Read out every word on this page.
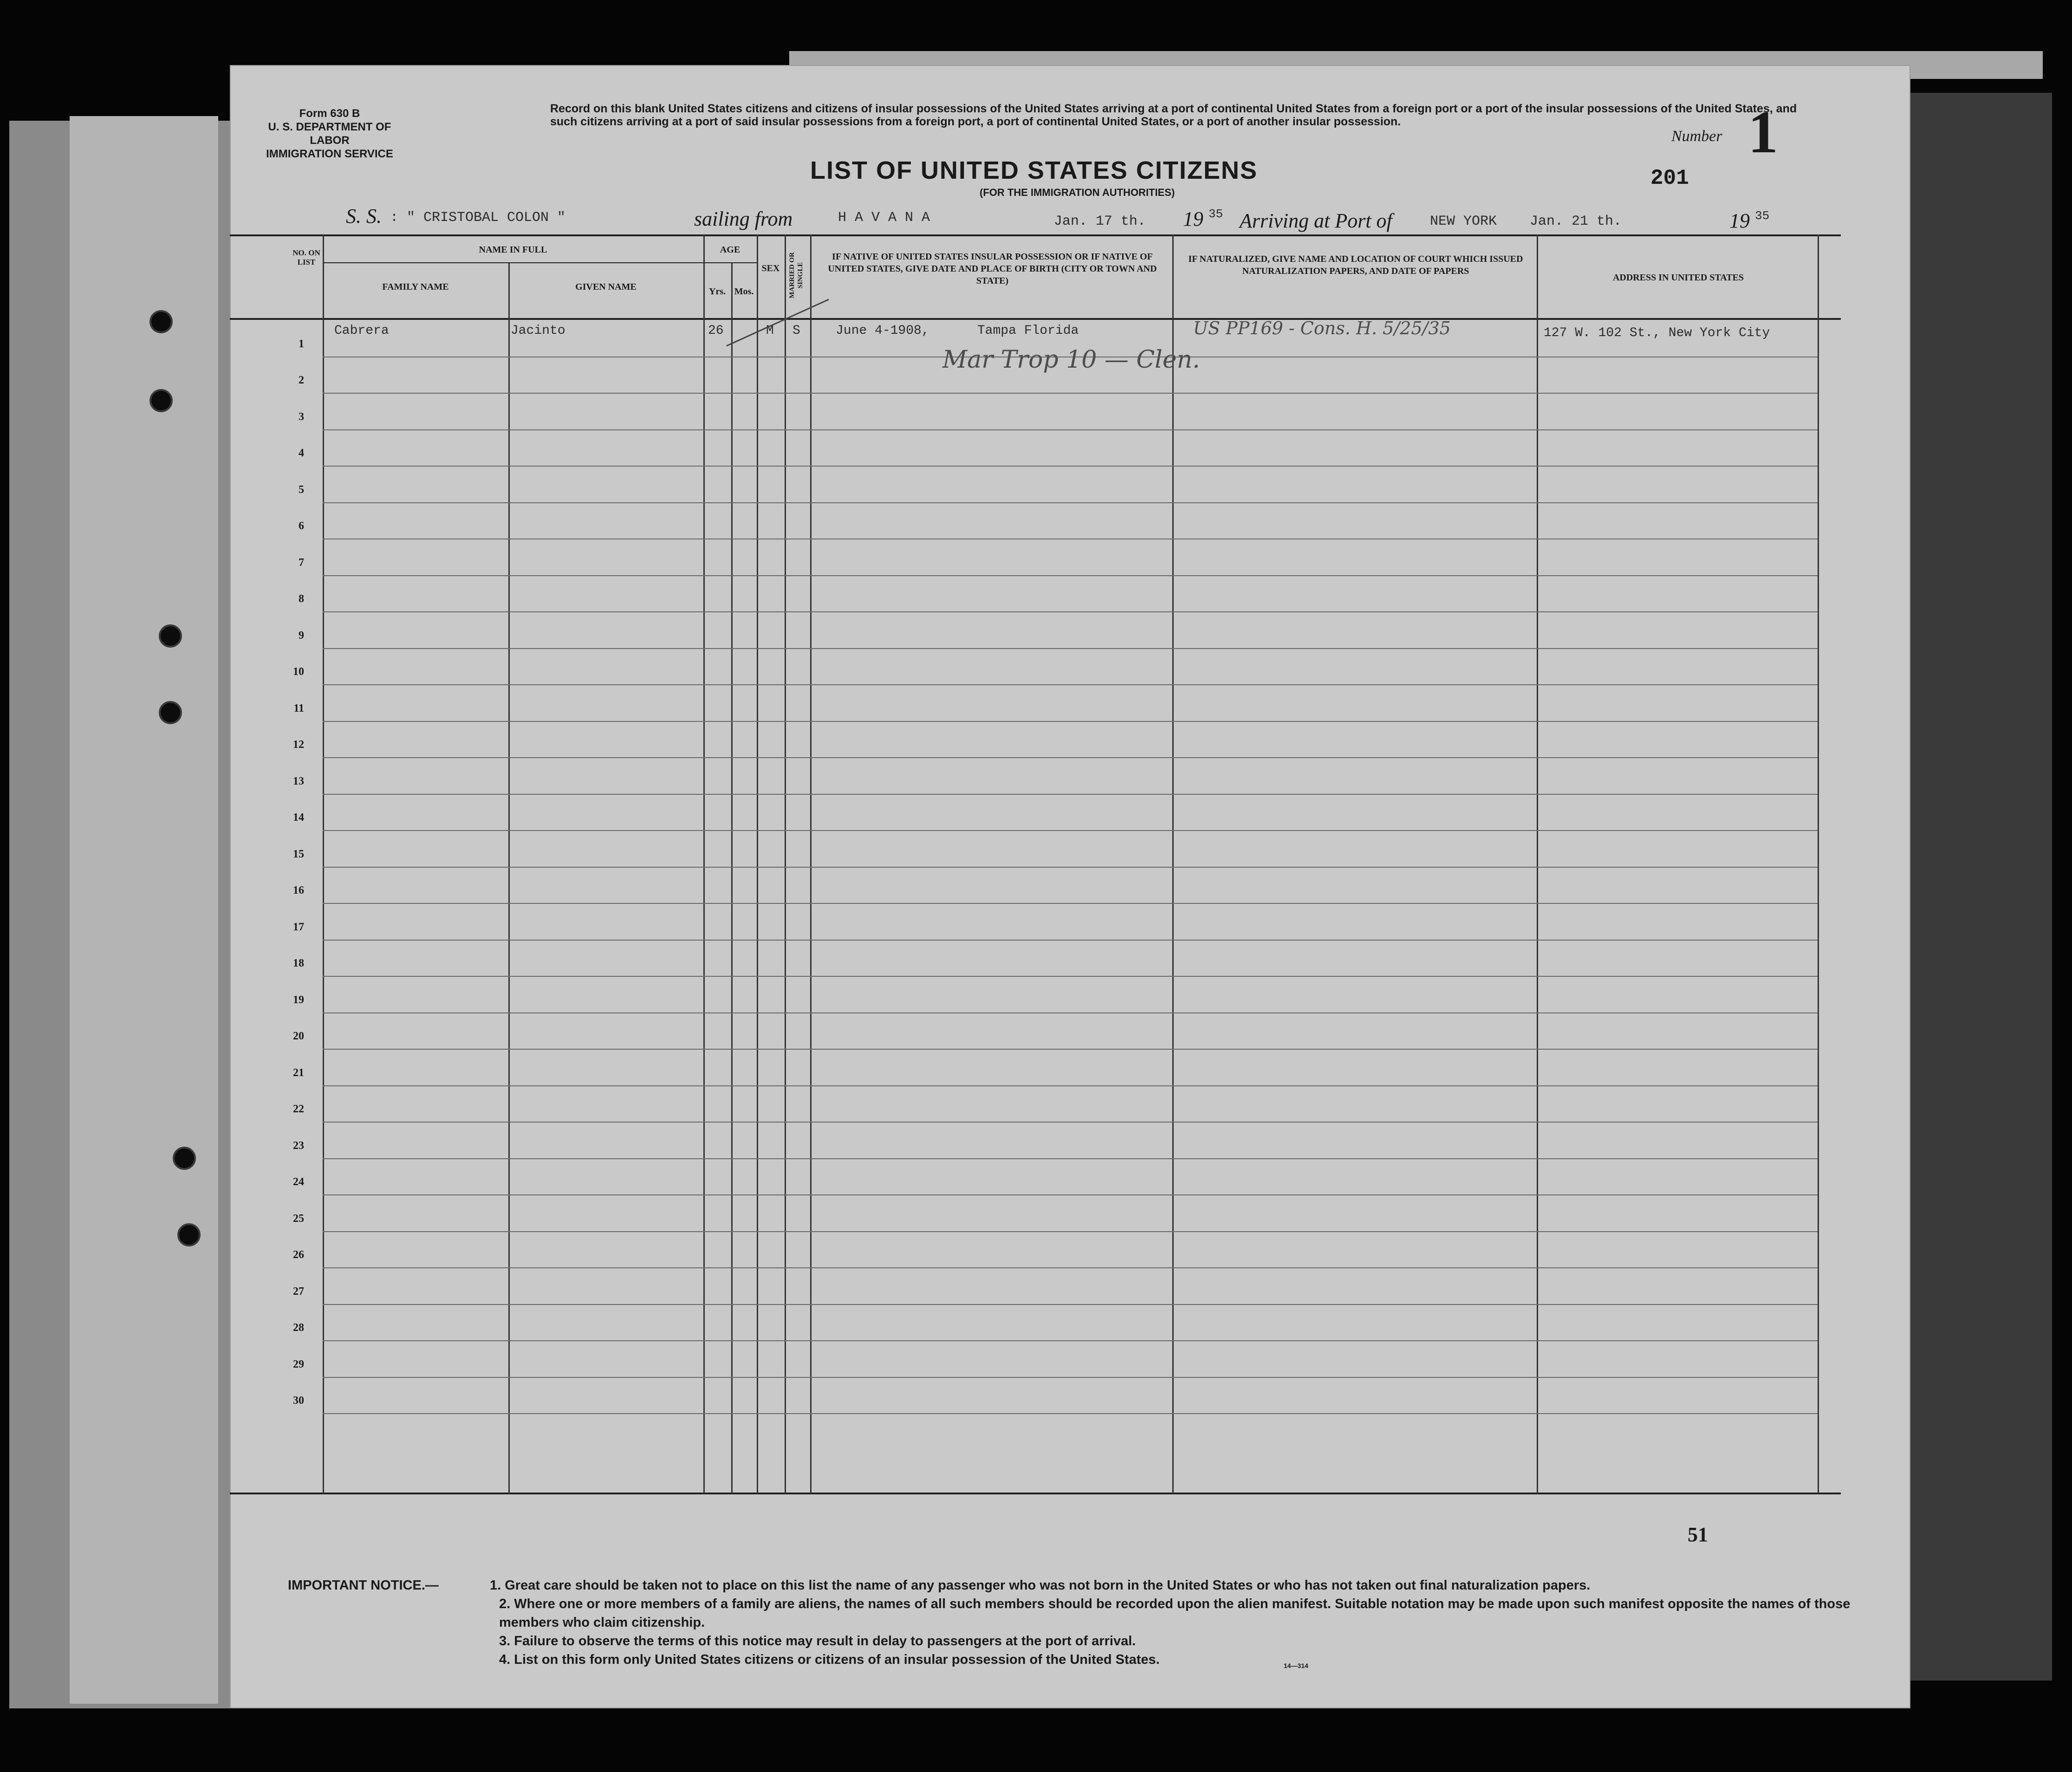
Form 630 B
U. S. DEPARTMENT OF LABOR
IMMIGRATION SERVICE
Record on this blank United States citizens and citizens of insular possessions of the United States arriving at a port of continental United States from a foreign port or a port of the insular possessions of the United States, and such citizens arriving at a port of said insular possessions from a foreign port, a port of continental United States, or a port of another insular possession.
Number 1
201
LIST OF UNITED STATES CITIZENS
(FOR THE IMMIGRATION AUTHORITIES)
S. S. : " CRISTOBAL COLON "	sailing from	H A V A N A	Jan. 17 th. 19 35 Arriving at Port of	NEW YORK Jan. 21 th.	19 35
NO. ON LIST
NAME IN FULL
FAMILY NAME	GIVEN NAME
AGE
Yrs. Mos.
SEX	MARRIED OR SINGLE
IF NATIVE OF UNITED STATES INSULAR POSSESSION OR IF NATIVE OF UNITED STATES, GIVE DATE AND PLACE OF BIRTH (CITY OR TOWN AND STATE)
IF NATURALIZED, GIVE NAME AND LOCATION OF COURT WHICH ISSUED NATURALIZATION PAPERS, AND DATE OF PAPERS
ADDRESS IN UNITED STATES
1
2
3
4
5
6
7
8
9
10
11
12
13
14
15
16
17
18
19
20
21
22
23
24
25
26
27
28
29
30
Cabrera	Jacinto	26	M S	June 4-1908,	Tampa Florida	US PP169 - Cons. H. 5/25/35	127 W. 102 St., New York City
Mar Trop 10 — Clen.
51
14—314
IMPORTANT NOTICE.—	1. Great care should be taken not to place on this list the name of any passenger who was not born in the United States or who has not taken out final naturalization papers.
2. Where one or more members of a family are aliens, the names of all such members should be recorded upon the alien manifest. Suitable notation may be made upon such manifest opposite the names of those members who claim citizenship.
3. Failure to observe the terms of this notice may result in delay to passengers at the port of arrival.
4. List on this form only United States citizens or citizens of an insular possession of the United States.
